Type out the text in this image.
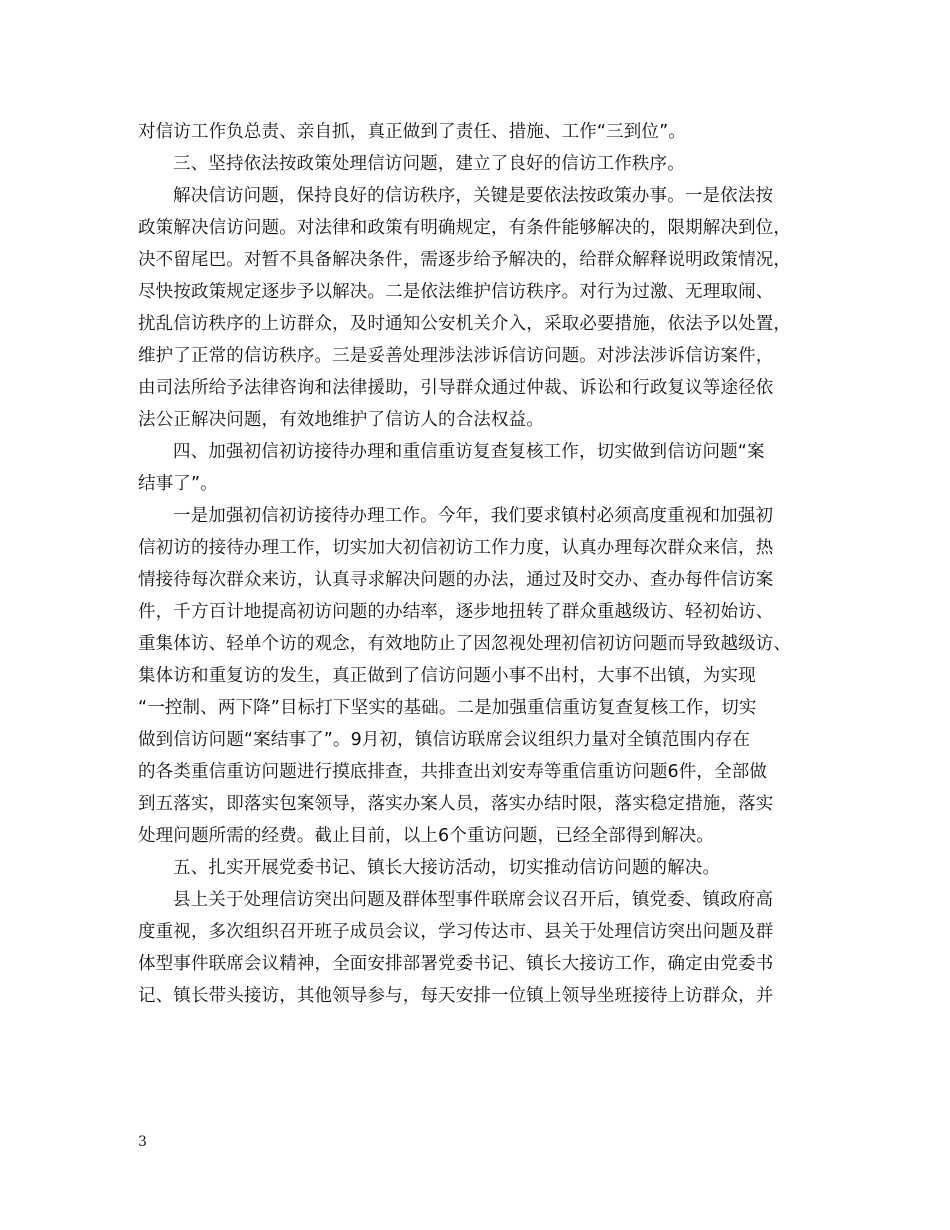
对信访工作负总责、亲自抓，真正做到了责任、措施、工作“三到位”。
三、坚持依法按政策处理信访问题，建立了良好的信访工作秩序。
解决信访问题，保持良好的信访秩序，关键是要依法按政策办事。一是依法按
政策解决信访问题。对法律和政策有明确规定，有条件能够解决的，限期解决到位，
决不留尾巴。对暂不具备解决条件，需逐步给予解决的，给群众解释说明政策情况，
尽快按政策规定逐步予以解决。二是依法维护信访秩序。对行为过激、无理取闹、
扰乱信访秩序的上访群众，及时通知公安机关介入，采取必要措施，依法予以处置，
维护了正常的信访秩序。三是妥善处理涉法涉诉信访问题。对涉法涉诉信访案件，
由司法所给予法律咨询和法律援助，引导群众通过仲裁、诉讼和行政复议等途径依
法公正解决问题，有效地维护了信访人的合法权益。
四、加强初信初访接待办理和重信重访复查复核工作，切实做到信访问题“案
结事了”。
一是加强初信初访接待办理工作。今年，我们要求镇村必须高度重视和加强初
信初访的接待办理工作，切实加大初信初访工作力度，认真办理每次群众来信，热
情接待每次群众来访，认真寻求解决问题的办法，通过及时交办、查办每件信访案
件，千方百计地提高初访问题的办结率，逐步地扭转了群众重越级访、轻初始访、
重集体访、轻单个访的观念，有效地防止了因忽视处理初信初访问题而导致越级访、
集体访和重复访的发生，真正做到了信访问题小事不出村，大事不出镇，为实现
“一控制、两下降”目标打下坚实的基础。二是加强重信重访复查复核工作，切实
做到信访问题“案结事了”。9月初，镇信访联席会议组织力量对全镇范围内存在
的各类重信重访问题进行摸底排查，共排查出刘安寿等重信重访问题6件，全部做
到五落实，即落实包案领导，落实办案人员，落实办结时限，落实稳定措施，落实
处理问题所需的经费。截止目前，以上6个重访问题，已经全部得到解决。
五、扎实开展党委书记、镇长大接访活动，切实推动信访问题的解决。
县上关于处理信访突出问题及群体型事件联席会议召开后，镇党委、镇政府高
度重视，多次组织召开班子成员会议，学习传达市、县关于处理信访突出问题及群
体型事件联席会议精神，全面安排部署党委书记、镇长大接访工作，确定由党委书
记、镇长带头接访，其他领导参与，每天安排一位镇上领导坐班接待上访群众，并
3
